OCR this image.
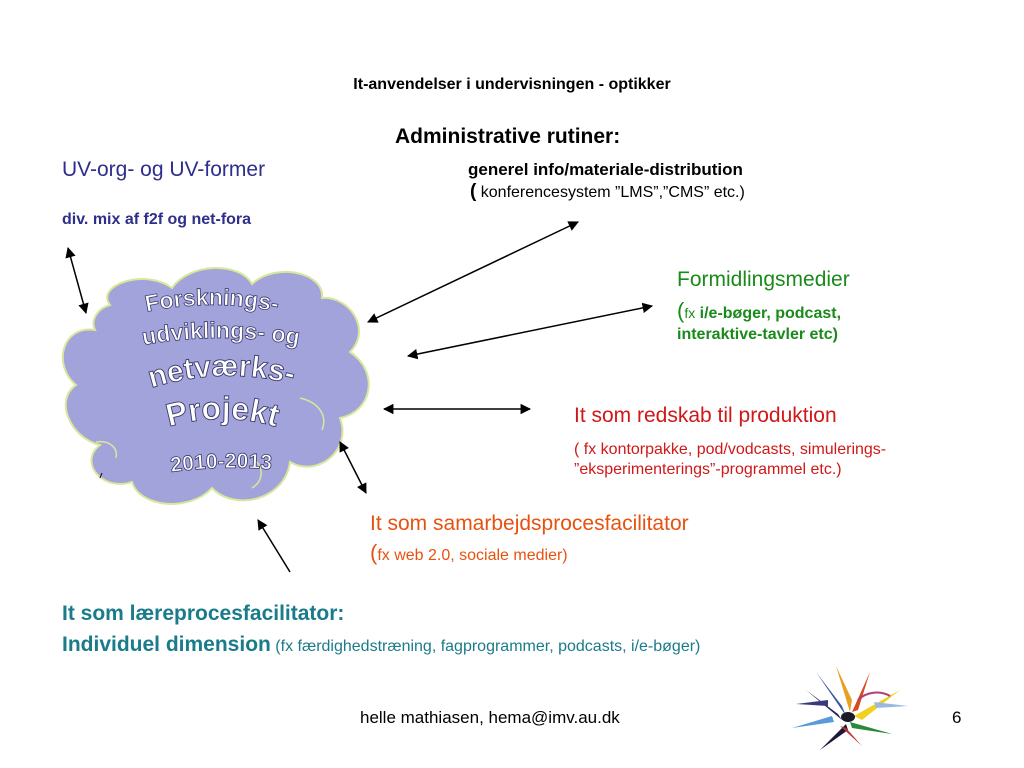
Forsknings-
udviklings- og
netværks-
Projekt
2010-2013
It-anvendelser i undervisningen - optikker
Administrative rutiner:
generel info/materiale-distribution
( konferencesystem ”LMS”,”CMS” etc.)
UV-org- og UV-former
div. mix af f2f og net-fora
Formidlingsmedier
(fx i/e-bøger, podcast,
interaktive-tavler etc)
It som redskab til produktion
( fx kontorpakke, pod/vodcasts, simulerings-
”eksperimenterings”-programmel etc.)
It som samarbejdsprocesfacilitator
(fx web 2.0, sociale medier)
It som læreprocesfacilitator:
Individuel dimension (fx færdighedstræning, fagprogrammer, podcasts, i/e-bøger)
helle mathiasen, hema@imv.au.dk	6
